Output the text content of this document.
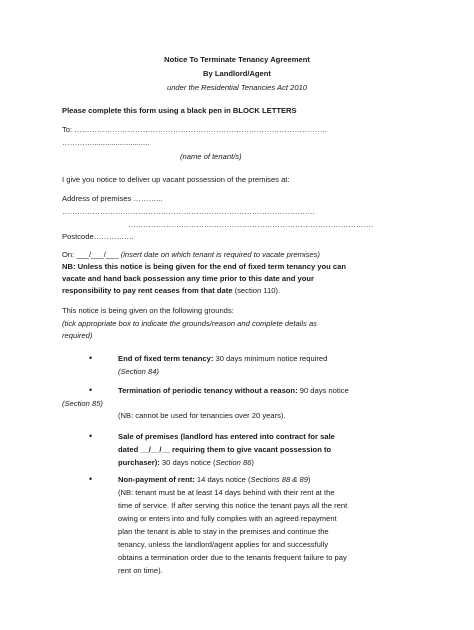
Notice To Terminate Tenancy Agreement
By Landlord/Agent
under the Residential Tenancies Act 2010
Please complete this form using a black pen in BLOCK LETTERS
To: ……………………………………………………………………………………….
…………...........................
(name of tenant/s)
I give you notice to deliver up vacant possession of the premises at:
Address of premises ………...
……………………………………………………………………………………….
…………………………………………………………………………………….
Postcode…………….
On: ___/___/___ (insert date on which tenant is required to vacate premises)
NB: Unless this notice is being given for the end of fixed term tenancy you can
vacate and hand back possession any time prior to this date and your
responsibility to pay rent ceases from that date (section 110).
This notice is being given on the following grounds:
(tick appropriate box to indicate the grounds/reason and complete details as
required)
•	End of fixed term tenancy: 30 days minimum notice required
(Section 84)
•	Termination of periodic tenancy without a reason: 90 days notice
(Section 85)
(NB: cannot be used for tenancies over 20 years).
•	Sale of premises (landlord has entered into contract for sale
dated __/__/__ requiring them to give vacant possession to
purchaser): 30 days notice (Section 86)
•	Non-payment of rent: 14 days notice (Sections 88 & 89)
(NB: tenant must be at least 14 days behind with their rent at the
time of service. If after serving this notice the tenant pays all the rent
owing or enters into and fully complies with an agreed repayment
plan the tenant is able to stay in the premises and continue the
tenancy, unless the landlord/agent applies for and successfully
obtains a termination order due to the tenants frequent failure to pay
rent on time).
